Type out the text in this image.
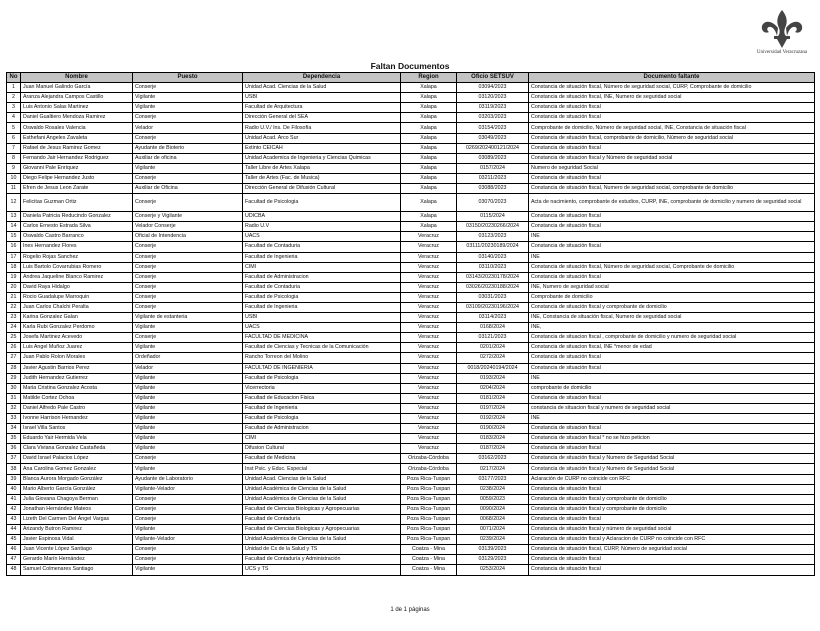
Universidad Veracruzana
Faltan Documentos
No	Nombre	Puesto	Dependencia	Region	Oficio SETSUV	Documento faltante
1	Juan Manuel Galindo García	Conserje	Unidad Acad. Ciencias de la Salud	Xalapa	03094/2023	Constancia de situación fiscal, Número de seguridad social, CURP, Comprobante de domicilio
2	Aranza Alejandra Campos Castillo	Vigilante	USBI	Xalapa	03120/2023	Constancia de situación fiscal, INE, Numero de seguridad social
3	Luis Antonio Salas Martinez	Vigilante	Facultad de Arquitectura	Xalapa	03119/2023	Constancia de situación fiscal
4	Daniel Gualtiero Mendoza Ramirez	Conserje	Dirección General del SEA	Xalapa	03203/2023	Constancia de situación fiscal
5	Oswaldo Rosales Valencia	Velador	Radio U.V./ Ins. De Filosofía	Xalapa	03154/2023	Comprobante de domicilio, Número de seguridad social, INE, Constancia de situación fiscal
6	Esthefani Angeles Zavaleta	Conserje	Unidad Acad. Arco Sur	Xalapa	03049/2023	Constancia de situación fiscal, comprobante de domicilio, Número de seguridad social
7	Rafael de Jesus Ramirez Gomez	Ayudante de Bioterio	Extinto CEICAH	Xalapa	0269/202400121/2024	Constancia de situación fiscal
8	Fernando Jair Hernandez Rodriguez	Auxiliar de oficina	Unidad Academica de Ingenieria y Ciencias Quimicas	Xalapa	03089/2023	Constancia de situacion fiscal y Número de seguridad social
9	Giovanni Pale Enriquez	Vigilante	Taller Libre de Artes Xalapa	Xalapa	0157/2024	Numero de seguridad Social
10	Diego Felipe Hernandez Justo	Conserje	Taller de Artes (Fac. de Musica)	Xalapa	03211/2023	Constancia de situación fiscal
11	Efren de Jesus Leon Zarate	Auxiliar de Oficina	Dirección General de Difusión Cultural	Xalapa	03088/2023	Constancia de situación fiscal, Numero de seguridad social, comprobante de domicilio
12	Felicitas Guzman Ortiz	Conserje	Facultad de Psicologia	Xalapa	03070/2023	Acta de nacimiento, comprobante de estudios, CURP, INE, comprobante de domicilio y numero de seguridad social
13	Daniela Patricia Reducindo Gonzalez	Conserje y Vigilante	UDICBA	Xalapa	0115/2024	Constancia de situacion fiscal
14	Carlos Ernesto Estrada Silva	Velador Conserje	Radio U.V	Xalapa	03150/20230266/2024	Constancia de situación fiscal
15	Oswaldo Castro Barranco	Oficial de Intendencia	UACS	Veracruz	03123/2023	INE
16	Ines Hernandez Flores	Conserje	Facultad de Contaduria	Veracruz	03111/20230189/2024	Constancia de situación fiscal
17	Rogelio Rojas Sanchez	Conserje	Facultad de Ingenieria	Veracruz	03140/2023	INE
18	Luis Bartolo Covarrubias Romero	Conserje	CIMI	Veracruz	03110/2023	Constancia de situación fiscal, Número de seguridad social, Comprobante de domicilio
19	Andrea Jaqueline Blanco Ramirez	Conserje	Facultad de Administracion	Veracruz	03143/20230178/2024	Constancia de situación fiscal
20	David Raya Hidalgo	Conserje	Facultad de Contaduria	Veracruz	03026/20230188/2024	INE, Numero de seguridad social
21	Rocio Guadalupe Marroquin	Conserje	Facultad de Psicologia	Veracruz	03031/2023	Comprobante de domicilio
22	Juan Carlos Chalchi Peralta	Conserje	Facultad de Ingenieria	Veracruz	03109/20230196/2024	Constancia de situación fiscal y comprobante de domicilio
23	Karina Gonzalez Galan	Vigilante de estanteria	USBI	Veracruz	03114/2023	INE, Constancia de situación fiscal, Numero de seguridad social
24	Karla Rubi Gonzalez Perdomo	Vigilante	UACS	Veracruz	0168/2024	INE,
25	Josefa Martinez Acevedo	Conserje	FACULTAD DE MEDICINA	Veracruz	03121/2023	Constancia de situacion fiscal , comprobante de domicilio y numero de seguridad social
26	Luis Angel Muñoz Juarez	Vigilante	Facultad de Ciencias y Tecnicas de la Comunicación	Veracruz	0201/2024	Constancia de situacion fiscal, INE *menor de edad
27	Juan Pablo Rolon Morales	Ordeñador	Rancho Torreon del Molino	Veracruz	0272/2024	Constancia de situación fiscal
28	Javier Agustin Barrios Perez	Velador	FACULTAD DE INGENIERIA	Veracruz	0018/20240194/2024	Constancia de situación fiscal
29	Judith Hernandez Gutierrez	Vigilante	Facultad de Psicologia	Veracruz	0193/2024	INE
30	Maria Cristina Gonzalez Acosta	Vigilante	Vicerrectoria	Veracruz	0204/2024	comprobante de domicilio
31	Matilde Cortez Ochoa	Vigilante	Facultad de Educacion Fisica	Veracruz	0181/2024	Constancia de situacion fiscal
32	Daniel Alfredo Pale Castro	Vigilante	Facultad de Ingenieria	Veracruz	0197/2024	constancia de situacion fiscal y numero de seguridad social
33	Ivonne Harrison Hernandez	Vigilante	Facultad de Psicologia	Veracruz	0192/2024	INE
34	Israel Villa Santos	Vigilante	Facultad de Administracion	Veracruz	0190/2024	Constancia de situacion fiscal
35	Eduardo Yair Hermida Vela	Vigilante	CIMI	Veracruz	0183/2024	Constancia de situacion fiscal * no se hizo peticion
36	Clara Viviana Gonzalez Castañeda	Vigilante	Difusion Cultural	Veracruz	0187/2024	Constancia de situacion fiscal
37	David Israel Palacios López	Conserje	Facultad de Medicina	Orizaba-Córdoba	03162/2023	Constancia de situación fiscal y Numero de Seguridad Social
38	Ana Carolina Gomez Gonzalez	Vigilante	Inst Psic. y Educ. Especial	Orizaba-Córdoba	0217/2024	Constancia de situación fiscal y Numero de Seguridad Social
39	Blanca Aurora Morgado González	Ayudante de Laboratorio	Unidad Acad. Ciencias de la Salud	Poza Rica-Tuxpan	03177/2023	Aclaración de CURP no coincide con RFC
40	Mario Alberto García González	Vigilante-Velador	Unidad Académica de Ciencias de la Salud	Poza Rica-Tuxpan	0238/2024	Constancia de situación fiscal
41	Julia Giovana Chagoya Berman	Conserje	Unidad Académica de Ciencias de la Salud	Poza Rica-Tuxpan	0059/2023	Constancia de situación fiscal y comprobante de domicilio
42	Jonathan Hernández Mateos	Conserje	Facultad de Ciencias Biologicas y Agropecuarias	Poza Rica-Tuxpan	0090/2024	Constancia de situación fiscal y comprobante de domicilio
43	Lizeth Del Carmen Del Ángel Vargas	Conserje	Facultad de Contaduría	Poza Rica-Tuxpan	0068/2024	Constancia de situación fiscal
44	Arizandy Butron Ramirez	Vigilante	Facultad de Ciencias Biologicas y Agropecuarias	Poza Rica-Tuxpan	0071/2024	Constancia de situación fiscal y número de seguridad social
45	Javier Espinosa Vidal	Vigilante-Velador	Unidad Académica de Ciencias de la Salud	Poza Rica-Tuxpan	0239/2024	Constancia de situación fiscal y Aclaracion de CURP no coincide con RFC
46	Juan Vicente López Santiago	Conserje	Unidad de Cs de la Salud y TS	Coatza - Mina	03139/2023	Constancia de situación fiscal, CURP, Número de seguridad social
47	Gerardo Marín Hernández	Conserje	Facultad de Contaduría y Administración	Coatza - Mina	03129/2023	Constancia de situación fiscal
48	Samuel Colmenares Santiago	Vigilante	UCS y TS	Coatza - Mina	0253/2024	Constancia de situación fiscal
1 de 1 páginas
